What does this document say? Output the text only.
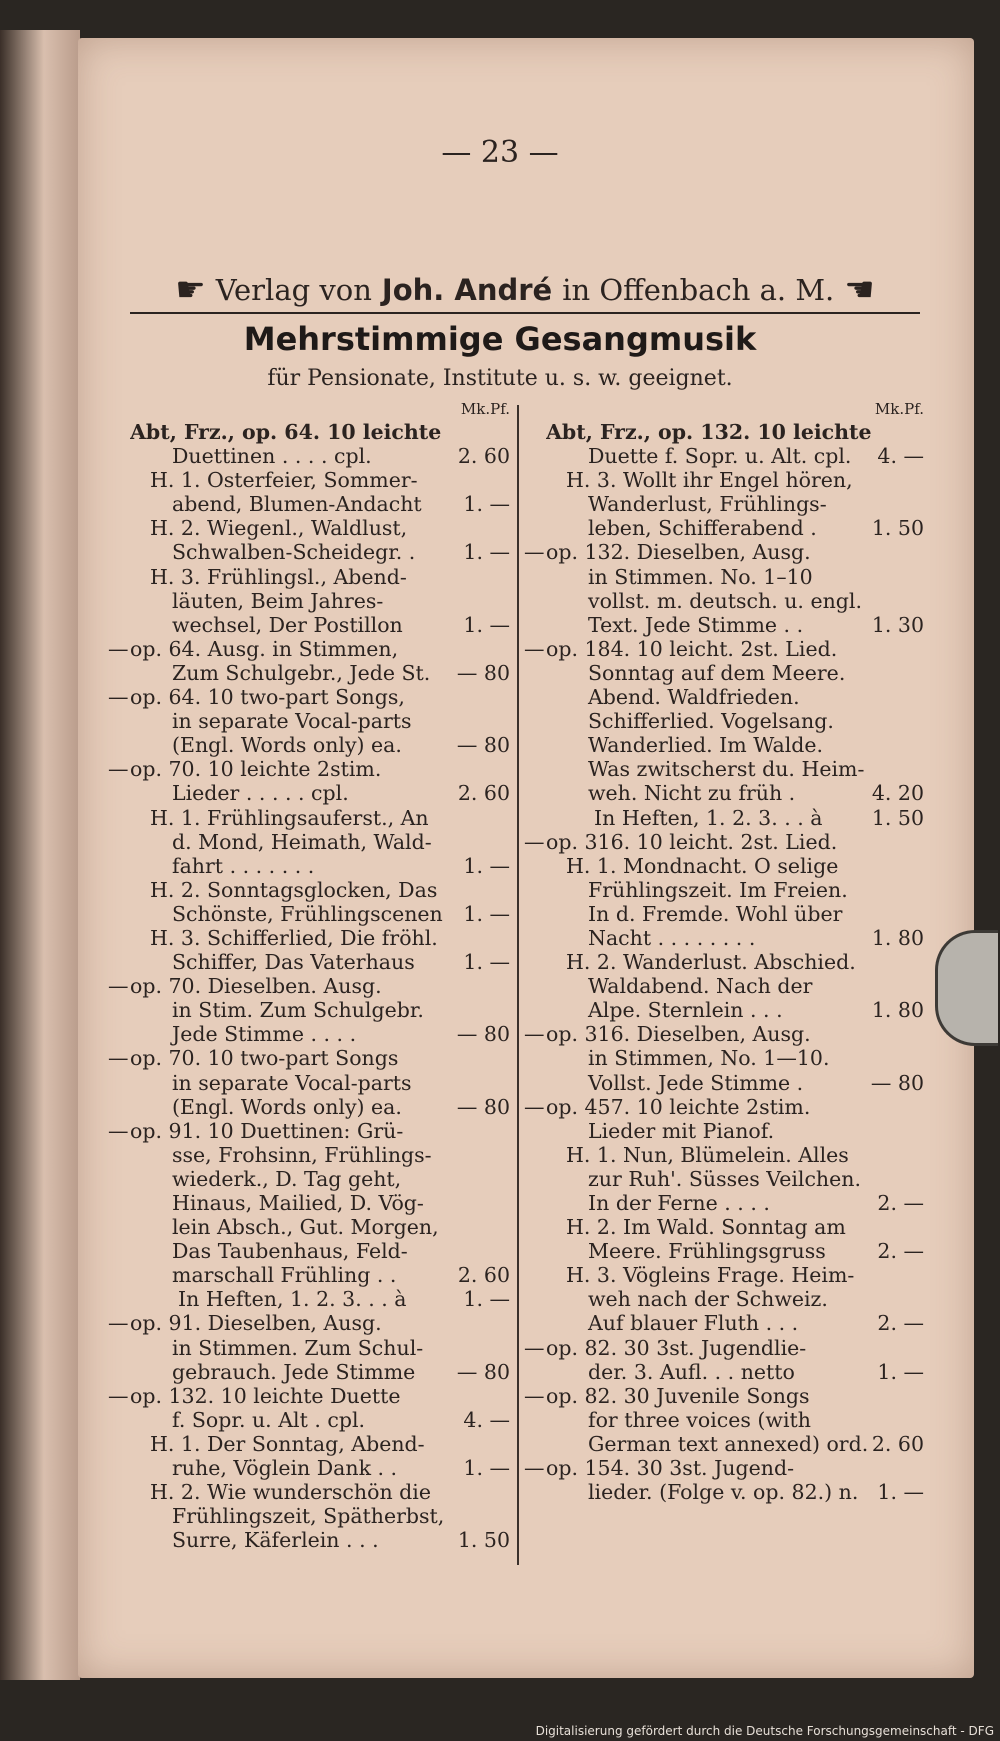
— 23 —
☛ Verlag von Joh. André in Offenbach a. M. ☚
Mehrstimmige Gesangmusik
für Pensionate, Institute u. s. w. geeignet.
Mk.Pf.
Abt, Frz., op. 64. 10 leichte
Duettinen . . . . cpl.	2. 60
H. 1. Osterfeier, Sommer-
abend, Blumen-Andacht	1. —
H. 2. Wiegenl., Waldlust,
Schwalben-Scheidegr. .	1. —
H. 3. Frühlingsl., Abend-
läuten, Beim Jahres-
wechsel, Der Postillon	1. —
— op. 64. Ausg. in Stimmen,
Zum Schulgebr., Jede St.	— 80
— op. 64. 10 two-part Songs,
in separate Vocal-parts
(Engl. Words only) ea.	— 80
— op. 70. 10 leichte 2stim.
Lieder . . . . . cpl.	2. 60
H. 1. Frühlingsauferst., An
d. Mond, Heimath, Wald-
fahrt . . . . . . .	1. —
H. 2. Sonntagsglocken, Das
Schönste, Frühlingscenen	1. —
H. 3. Schifferlied, Die fröhl.
Schiffer, Das Vaterhaus	1. —
— op. 70. Dieselben. Ausg.
in Stim. Zum Schulgebr.
Jede Stimme . . . .	— 80
— op. 70. 10 two-part Songs
in separate Vocal-parts
(Engl. Words only) ea.	— 80
— op. 91. 10 Duettinen: Grü-
sse, Frohsinn, Frühlings-
wiederk., D. Tag geht,
Hinaus, Mailied, D. Vög-
lein Absch., Gut. Morgen,
Das Taubenhaus, Feld-
marschall Frühling . .	2. 60
In Heften, 1. 2. 3. . . à	1. —
— op. 91. Dieselben, Ausg.
in Stimmen. Zum Schul-
gebrauch. Jede Stimme	— 80
— op. 132. 10 leichte Duette
f. Sopr. u. Alt . cpl.	4. —
H. 1. Der Sonntag, Abend-
ruhe, Vöglein Dank . .	1. —
H. 2. Wie wunderschön die
Frühlingszeit, Spätherbst,
Surre, Käferlein . . .	1. 50
Mk.Pf.
Abt, Frz., op. 132. 10 leichte
Duette f. Sopr. u. Alt. cpl.	4. —
H. 3. Wollt ihr Engel hören,
Wanderlust, Frühlings-
leben, Schifferabend .	1. 50
— op. 132. Dieselben, Ausg.
in Stimmen. No. 1–10
vollst. m. deutsch. u. engl.
Text. Jede Stimme . .	1. 30
— op. 184. 10 leicht. 2st. Lied.
Sonntag auf dem Meere.
Abend. Waldfrieden.
Schifferlied. Vogelsang.
Wanderlied. Im Walde.
Was zwitscherst du. Heim-
weh. Nicht zu früh .	4. 20
In Heften, 1. 2. 3. . . à	1. 50
— op. 316. 10 leicht. 2st. Lied.
H. 1. Mondnacht. O selige
Frühlingszeit. Im Freien.
In d. Fremde. Wohl über
Nacht . . . . . . . .	1. 80
H. 2. Wanderlust. Abschied.
Waldabend. Nach der
Alpe. Sternlein . . .	1. 80
— op. 316. Dieselben, Ausg.
in Stimmen, No. 1—10.
Vollst. Jede Stimme .	— 80
— op. 457. 10 leichte 2stim.
Lieder mit Pianof.
H. 1. Nun, Blümelein. Alles
zur Ruh'. Süsses Veilchen.
In der Ferne . . . .	2. —
H. 2. Im Wald. Sonntag am
Meere. Frühlingsgruss	2. —
H. 3. Vögleins Frage. Heim-
weh nach der Schweiz.
Auf blauer Fluth . . .	2. —
— op. 82. 30 3st. Jugendlie-
der. 3. Aufl. . . netto	1. —
— op. 82. 30 Juvenile Songs
for three voices (with
German text annexed) ord. 2. 60
— op. 154. 30 3st. Jugend-
lieder. (Folge v. op. 82.) n. 1. —
Digitalisierung gefördert durch die Deutsche Forschungsgemeinschaft - DFG
